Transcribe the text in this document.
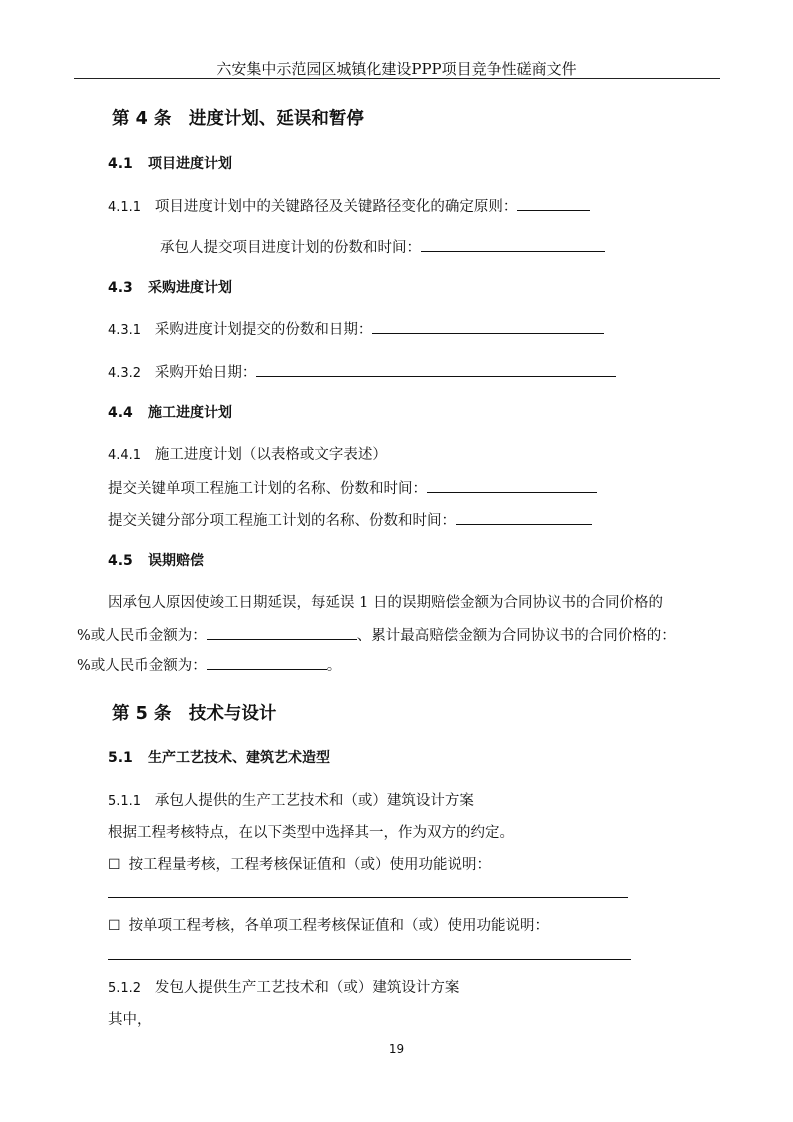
六安集中示范园区城镇化建设PPP项目竞争性磋商文件
第 4 条　进度计划、延误和暂停
4.1 项目进度计划
4.1.1 项目进度计划中的关键路径及关键路径变化的确定原则：
承包人提交项目进度计划的份数和时间：
4.3 采购进度计划
4.3.1 采购进度计划提交的份数和日期：
4.3.2 采购开始日期：
4.4 施工进度计划
4.4.1 施工进度计划（以表格或文字表述）
提交关键单项工程施工计划的名称、份数和时间：
提交关键分部分项工程施工计划的名称、份数和时间：
4.5 误期赔偿
因承包人原因使竣工日期延误，每延误 1 日的误期赔偿金额为合同协议书的合同价格的
%或人民币金额为：	、累计最高赔偿金额为合同协议书的合同价格的：
%或人民币金额为：	。
第 5 条　技术与设计
5.1 生产工艺技术、建筑艺术造型
5.1.1 承包人提供的生产工艺技术和（或）建筑设计方案
根据工程考核特点，在以下类型中选择其一，作为双方的约定。
☐ 按工程量考核，工程考核保证值和（或）使用功能说明：
☐ 按单项工程考核，各单项工程考核保证值和（或）使用功能说明：
5.1.2 发包人提供生产工艺技术和（或）建筑设计方案
其中，
19
